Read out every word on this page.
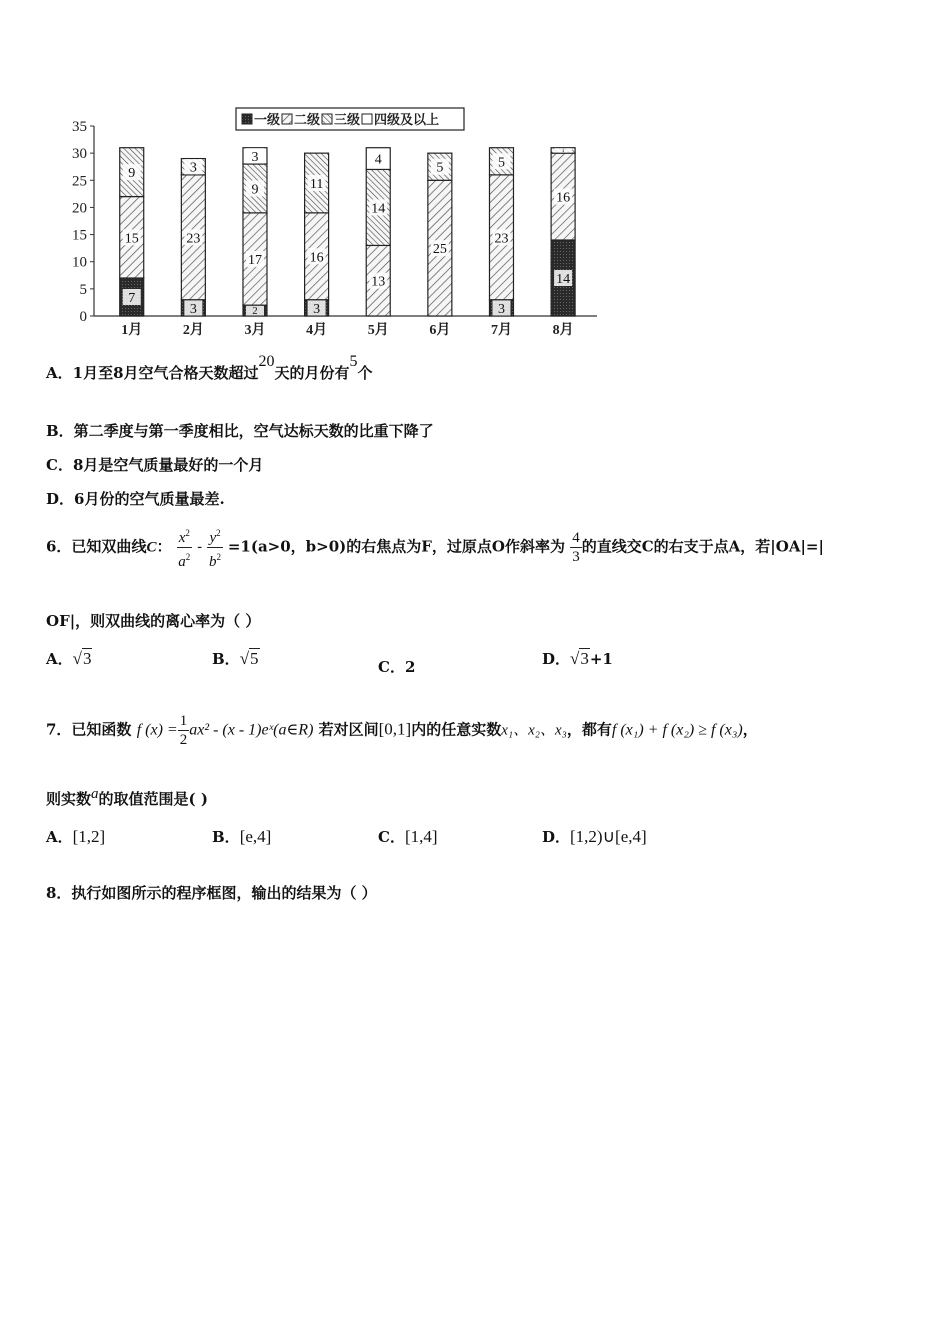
0
5
10
15
20
25
30
35
1月	2月	3月	4月	5月	6月	7月	8月
7
15
9
3
23
3
2
17
9
3
3
16
11
13
14
4
25
5
3
23
5
14
16
1
一级 二级 三级 四级及以上
A．1月至8月空气合格天数超过20天的月份有5个
B．第二季度与第一季度相比，空气达标天数的比重下降了
C．8月是空气质量最好的一个月
D．6月份的空气质量最差.
6．已知双曲线C： $\frac{x^2}{a^2} - \frac{y^2}{b^2} =1(a>0$，b>0)的右焦点为F，过原点O作斜率为 $\frac{4}{3}$ 的直线交C的右支于点A，若|OA|=|
OF|，则双曲线的离心率为（ ）
A．√3	B．√5	C．2	D．√3+1
7．已知函数 f $(x) = \frac{1}{2} ax^2 - (x$ - 1)eˣ(a∈R) 若对区间[0,1]内的任意实数x₁、x₂、x₃，都有f (x₁) + f (x₂) ≥ f (x₃)，
则实数a的取值范围是( )
A．[1,2]	B．[e,4]	C．[1,4]	D．[1,2)∪[e,4]
8．执行如图所示的程序框图，输出的结果为（ ）
